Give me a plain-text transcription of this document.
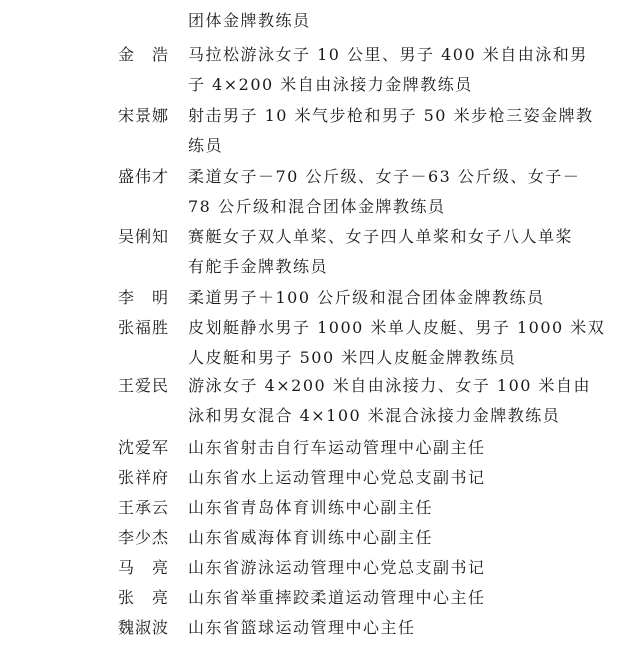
团体金牌教练员
金　浩	马拉松游泳女子 10 公里、男子 400 米自由泳和男
子 4×200 米自由泳接力金牌教练员
宋景娜	射击男子 10 米气步枪和男子 50 米步枪三姿金牌教
练员
盛伟才	柔道女子－70 公斤级、女子－63 公斤级、女子－
78 公斤级和混合团体金牌教练员
吴俐知	赛艇女子双人单桨、女子四人单桨和女子八人单桨
有舵手金牌教练员
李　明	柔道男子＋100 公斤级和混合团体金牌教练员
张福胜	皮划艇静水男子 1000 米单人皮艇、男子 1000 米双
人皮艇和男子 500 米四人皮艇金牌教练员
王爱民	游泳女子 4×200 米自由泳接力、女子 100 米自由
泳和男女混合 4×100 米混合泳接力金牌教练员
沈爱军	山东省射击自行车运动管理中心副主任
张祥府	山东省水上运动管理中心党总支副书记
王承云	山东省青岛体育训练中心副主任
李少杰	山东省威海体育训练中心副主任
马　亮	山东省游泳运动管理中心党总支副书记
张　亮	山东省举重摔跤柔道运动管理中心主任
魏淑波	山东省篮球运动管理中心主任
